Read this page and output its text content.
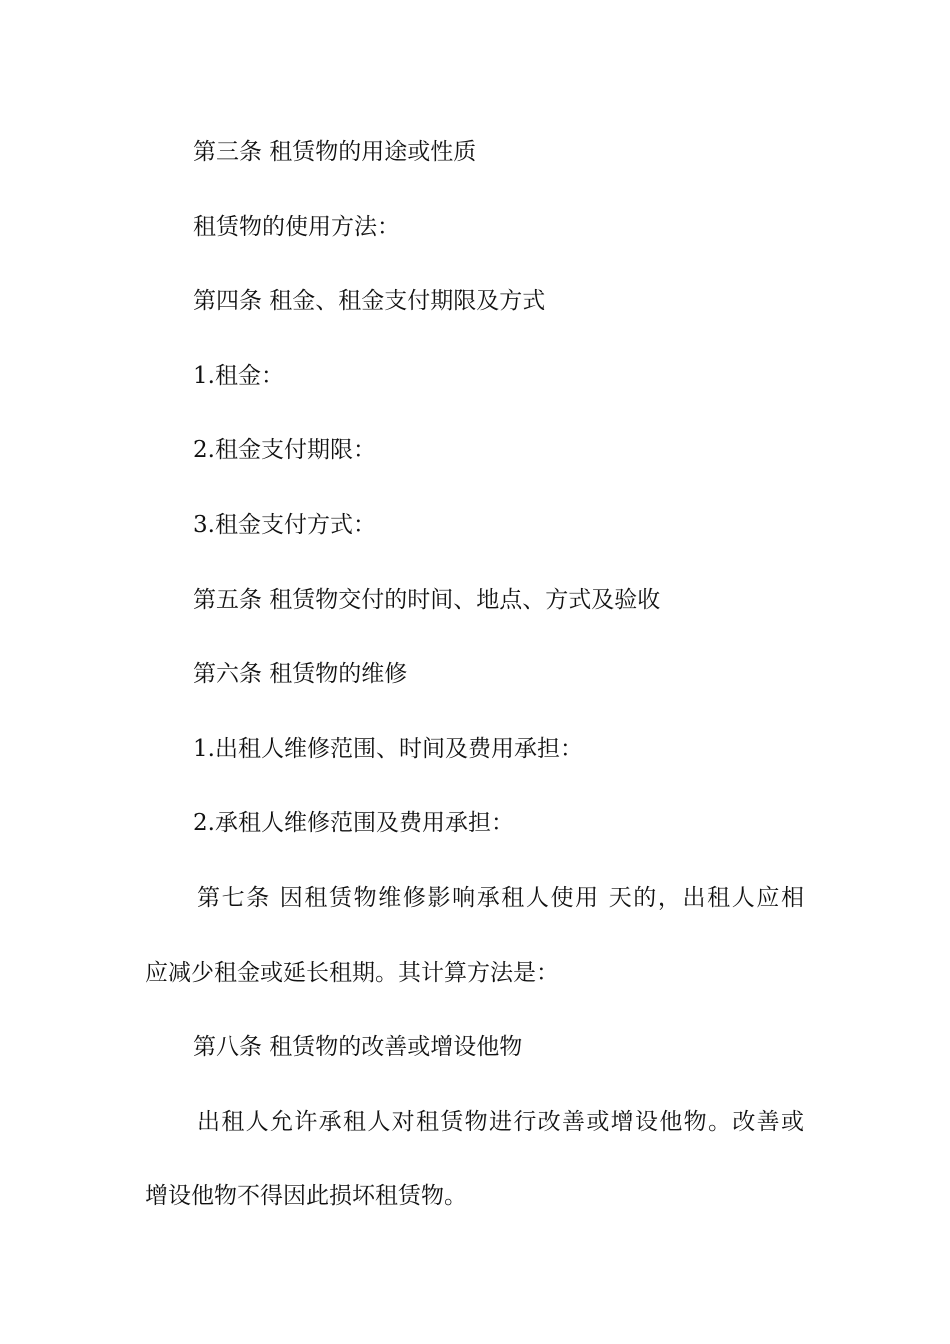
第三条 租赁物的用途或性质

租赁物的使用方法：

第四条 租金、租金支付期限及方式

1.租金：

2.租金支付期限：

3.租金支付方式：

第五条 租赁物交付的时间、地点、方式及验收

第六条 租赁物的维修

1.出租人维修范围、时间及费用承担：

2.承租人维修范围及费用承担：

第七条 因租赁物维修影响承租人使用 天的，出租人应相

应减少租金或延长租期。其计算方法是：

第八条 租赁物的改善或增设他物

出租人允许承租人对租赁物进行改善或增设他物。改善或

增设他物不得因此损坏租赁物。
